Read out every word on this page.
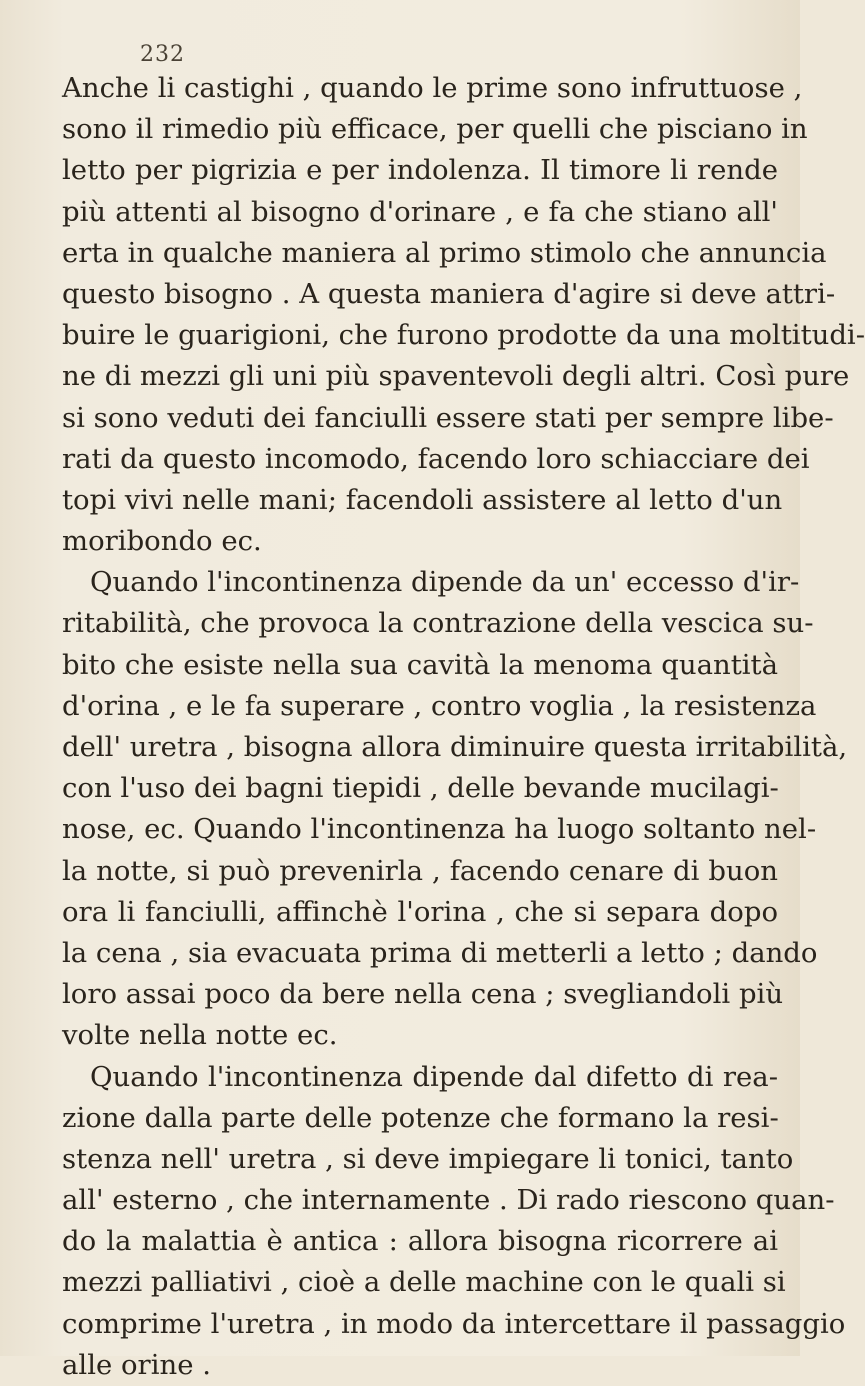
232
Anche li castighi , quando le prime sono infruttuose ,
sono il rimedio più efficace, per quelli che pisciano in
letto per pigrizia e per indolenza. Il timore li rende
più attenti al bisogno d'orinare , e fa che stiano all'
erta in qualche maniera al primo stimolo che annuncia
questo bisogno . A questa maniera d'agire si deve attri-
buire le guarigioni, che furono prodotte da una moltitudi-
ne di mezzi gli uni più spaventevoli degli altri. Così pure
si sono veduti dei fanciulli essere stati per sempre libe-
rati da questo incomodo, facendo loro schiacciare dei
topi vivi nelle mani; facendoli assistere al letto d'un
moribondo ec.
Quando l'incontinenza dipende da un' eccesso d'ir-
ritabilità, che provoca la contrazione della vescica su-
bito che esiste nella sua cavità la menoma quantità
d'orina , e le fa superare , contro voglia , la resistenza
dell' uretra , bisogna allora diminuire questa irritabilità,
con l'uso dei bagni tiepidi , delle bevande mucilagi-
nose, ec. Quando l'incontinenza ha luogo soltanto nel-
la notte, si può prevenirla , facendo cenare di buon
ora li fanciulli, affinchè l'orina , che si separa dopo
la cena , sia evacuata prima di metterli a letto ; dando
loro assai poco da bere nella cena ; svegliandoli più
volte nella notte ec.
Quando l'incontinenza dipende dal difetto di rea-
zione dalla parte delle potenze che formano la resi-
stenza nell' uretra , si deve impiegare li tonici, tanto
all' esterno , che internamente . Di rado riescono quan-
do la malattia è antica : allora bisogna ricorrere ai
mezzi palliativi , cioè a delle machine con le quali si
comprime l'uretra , in modo da intercettare il passaggio
alle orine .
